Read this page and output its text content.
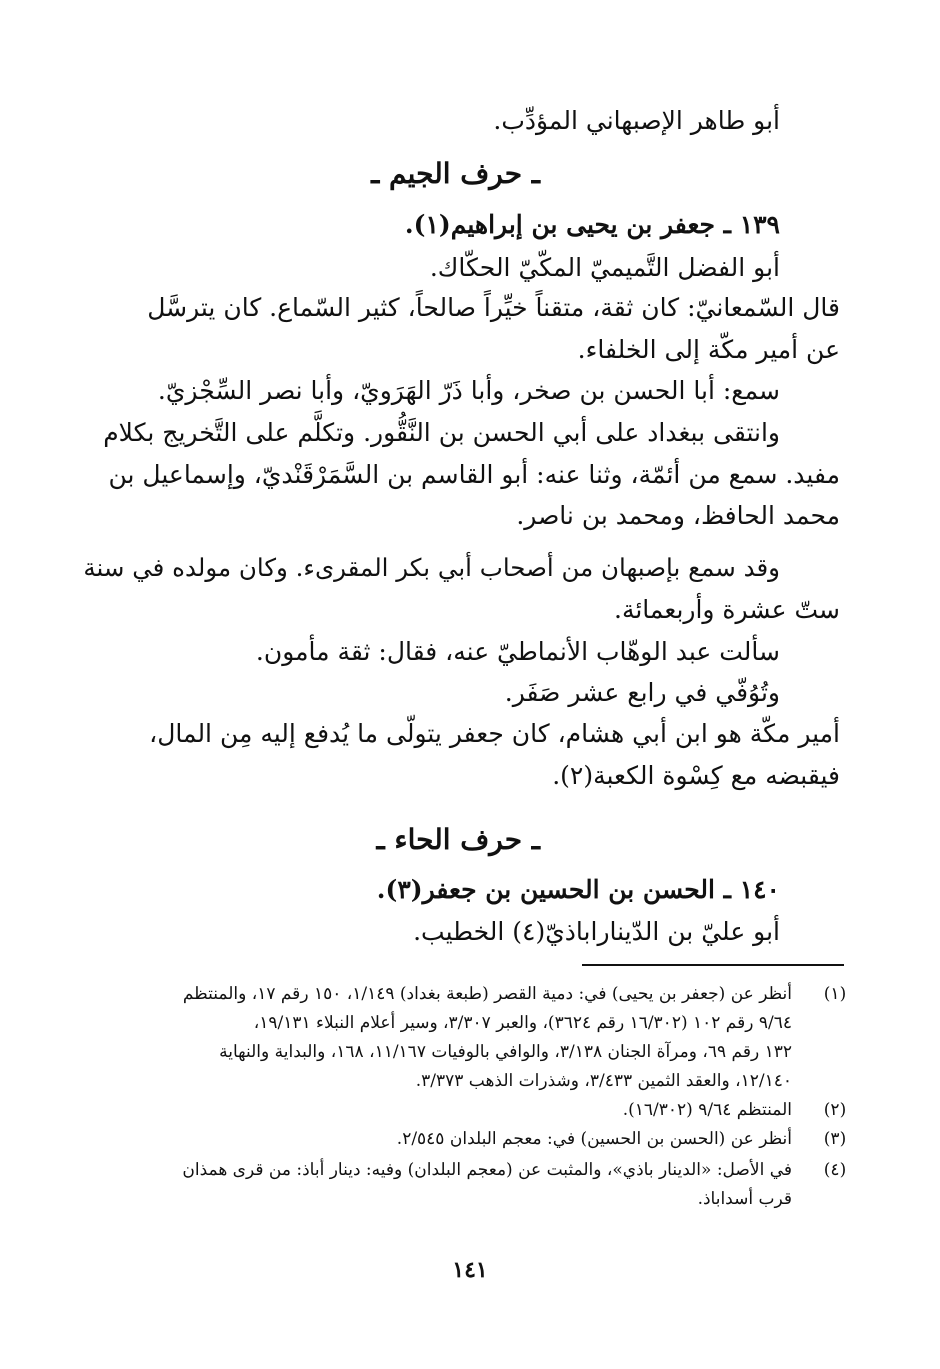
أبو طاهر الإصبهاني المؤدِّب.
ـ حرف الجيم ـ
١٣٩ ـ جعفر بن يحيى بن إبراهيم(١).
أبو الفضل التَّميميّ المكّيّ الحكّاك.
قال السّمعانيّ: كان ثقة، متقناً خيِّراً صالحاً، كثير السّماع. كان يترسَّل
عن أمير مكّة إلى الخلفاء.
سمع: أبا الحسن بن صخر، وأبا ذَرّ الهَرَويّ، وأبا نصر السِّجْزيّ.
وانتقى ببغداد على أبي الحسن بن النَّقُّور. وتكلَّم على التَّخريج بكلام
مفيد. سمع من أئمّة، وثنا عنه: أبو القاسم بن السَّمَرْقَنْديّ، وإسماعيل بن
محمد الحافظ، ومحمد بن ناصر.
وقد سمع بإصبهان من أصحاب أبي بكر المقرىء. وكان مولده في سنة
ستّ عشرة وأربعمائة.
سألت عبد الوهّاب الأنماطيّ عنه، فقال: ثقة مأمون.
وتُوُفّي في رابع عشر صَفَر.
أمير مكّة هو ابن أبي هشام، كان جعفر يتولّى ما يُدفع إليه مِن المال،
فيقبضه مع كِسْوة الكعبة(٢).
ـ حرف الحاء ـ
١٤٠ ـ الحسن بن الحسين بن جعفر(٣).
أبو عليّ بن الدّيناراباذيّ(٤) الخطيب.
(١)
أنظر عن (جعفر بن يحيى) في: دمية القصر (طبعة بغداد) ١/١٤٩، ١٥٠ رقم ١٧، والمنتظم
٩/٦٤ رقم ١٠٢ (١٦/٣٠٢ رقم ٣٦٢٤)، والعبر ٣/٣٠٧، وسير أعلام النبلاء ١٩/١٣١،
١٣٢ رقم ٦٩، ومرآة الجنان ٣/١٣٨، والوافي بالوفيات ١١/١٦٧، ١٦٨، والبداية والنهاية
١٢/١٤٠، والعقد الثمين ٣/٤٣٣، وشذرات الذهب ٣/٣٧٣.
(٢)
المنتظم ٩/٦٤ (١٦/٣٠٢).
(٣)
أنظر عن (الحسن بن الحسين) في: معجم البلدان ٢/٥٤٥.
(٤)
في الأصل: «الدينار باذي»، والمثبت عن (معجم البلدان) وفيه: دينار أباذ: من قرى همذان
قرب أسداباذ.
١٤١
